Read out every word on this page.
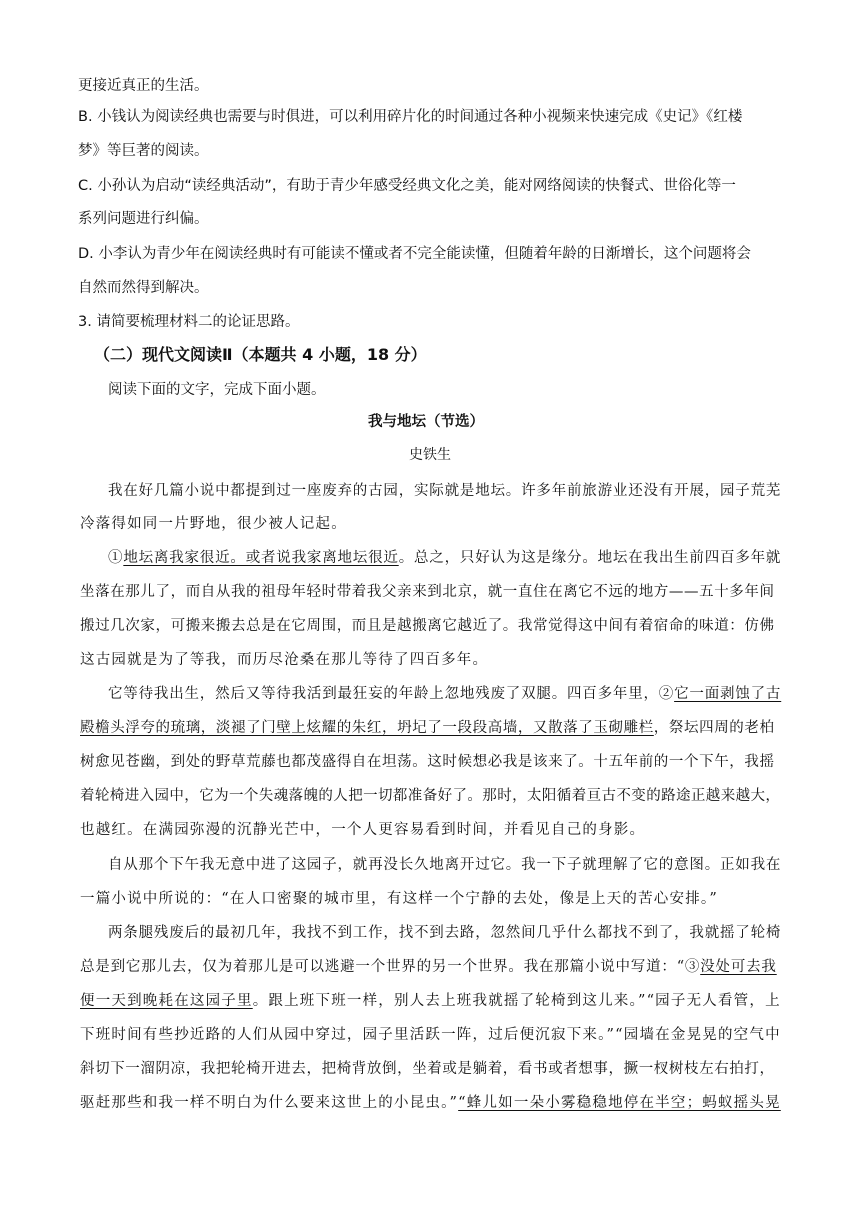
更接近真正的生活。
B. 小钱认为阅读经典也需要与时俱进，可以利用碎片化的时间通过各种小视频来快速完成《史记》《红楼
梦》等巨著的阅读。
C. 小孙认为启动“读经典活动”，有助于青少年感受经典文化之美，能对网络阅读的快餐式、世俗化等一
系列问题进行纠偏。
D. 小李认为青少年在阅读经典时有可能读不懂或者不完全能读懂，但随着年龄的日渐增长，这个问题将会
自然而然得到解决。
3. 请简要梳理材料二的论证思路。
（二）现代文阅读Ⅱ（本题共 4 小题，18 分）
阅读下面的文字，完成下面小题。
我与地坛（节选）
史铁生
我在好几篇小说中都提到过一座废弃的古园，实际就是地坛。许多年前旅游业还没有开展，园子荒芜
冷落得如同一片野地，很少被人记起。
①地坛离我家很近。或者说我家离地坛很近。总之，只好认为这是缘分。地坛在我出生前四百多年就
坐落在那儿了，而自从我的祖母年轻时带着我父亲来到北京，就一直住在离它不远的地方——五十多年间
搬过几次家，可搬来搬去总是在它周围，而且是越搬离它越近了。我常觉得这中间有着宿命的味道：仿佛
这古园就是为了等我，而历尽沧桑在那儿等待了四百多年。
它等待我出生，然后又等待我活到最狂妄的年龄上忽地残废了双腿。四百多年里，②它一面剥蚀了古
殿檐头浮夸的琉璃，淡褪了门壁上炫耀的朱红，坍圮了一段段高墙，又散落了玉砌雕栏，祭坛四周的老柏
树愈见苍幽，到处的野草荒藤也都茂盛得自在坦荡。这时候想必我是该来了。十五年前的一个下午，我摇
着轮椅进入园中，它为一个失魂落魄的人把一切都准备好了。那时，太阳循着亘古不变的路途正越来越大，
也越红。在满园弥漫的沉静光芒中，一个人更容易看到时间，并看见自己的身影。
自从那个下午我无意中进了这园子，就再没长久地离开过它。我一下子就理解了它的意图。正如我在
一篇小说中所说的：“在人口密聚的城市里，有这样一个宁静的去处，像是上天的苦心安排。”
两条腿残废后的最初几年，我找不到工作，找不到去路，忽然间几乎什么都找不到了，我就摇了轮椅
总是到它那儿去，仅为着那儿是可以逃避一个世界的另一个世界。我在那篇小说中写道：“③没处可去我
便一天到晚耗在这园子里。跟上班下班一样，别人去上班我就摇了轮椅到这儿来。”“园子无人看管，上
下班时间有些抄近路的人们从园中穿过，园子里活跃一阵，过后便沉寂下来。”“园墙在金晃晃的空气中
斜切下一溜阴凉，我把轮椅开进去，把椅背放倒，坐着或是躺着，看书或者想事，撅一杈树枝左右拍打，
驱赶那些和我一样不明白为什么要来这世上的小昆虫。”“蜂儿如一朵小雾稳稳地停在半空；蚂蚁摇头晃
